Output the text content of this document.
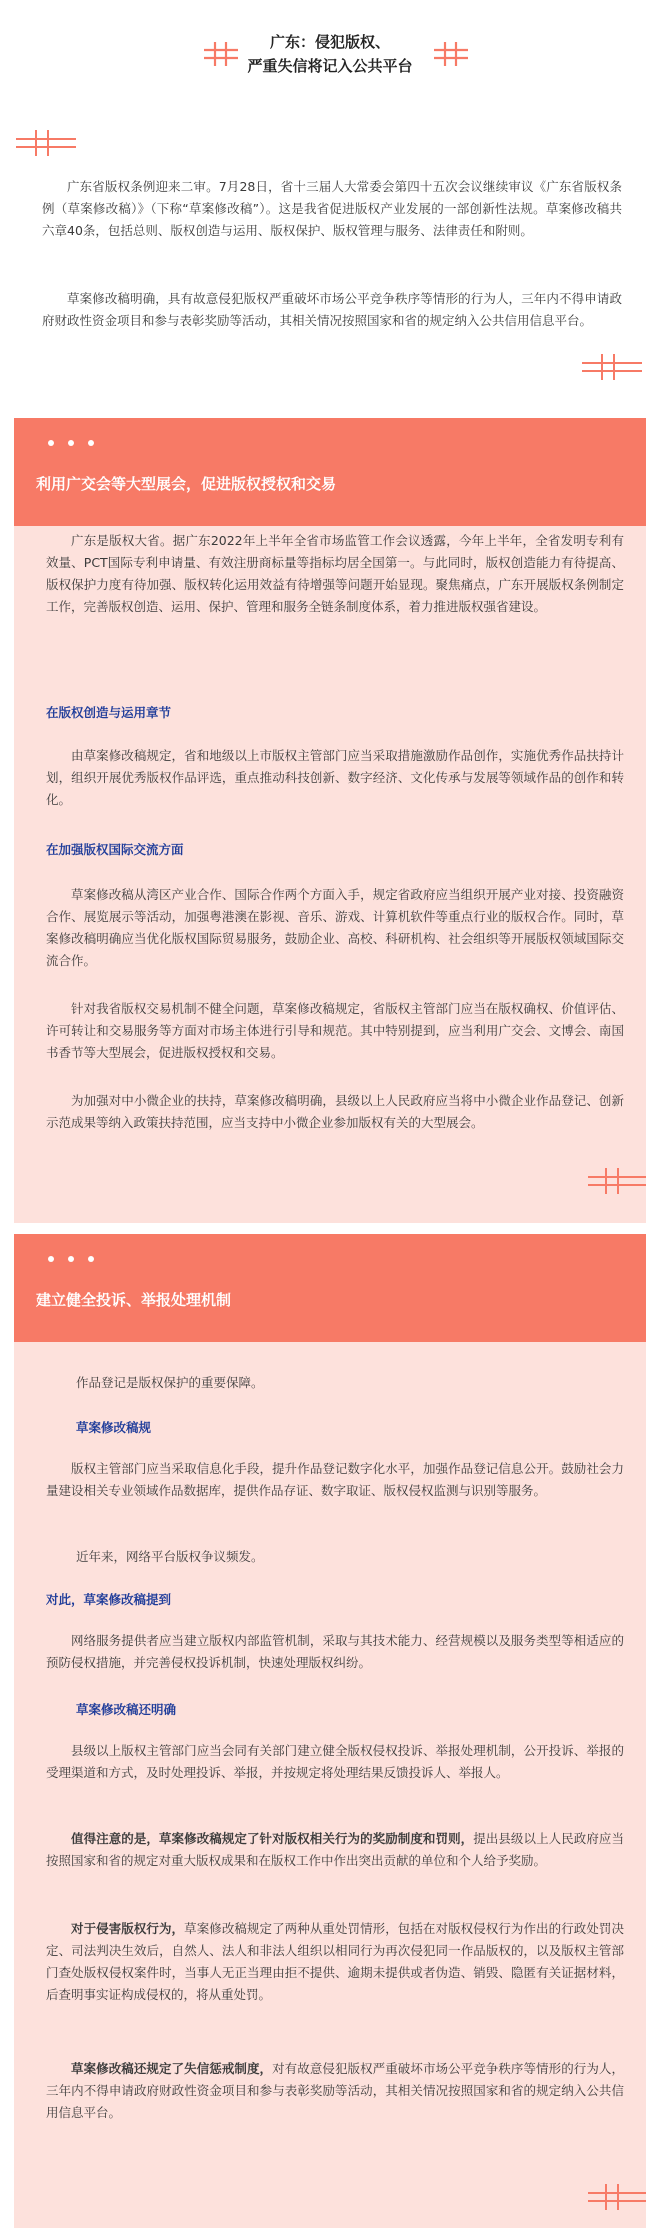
广东：侵犯版权、
严重失信将记入公共平台
广东省版权条例迎来二审。7月28日，省十三届人大常委会第四十五次会议继续审议《广东省版权条例（草案修改稿）》（下称“草案修改稿”）。这是我省促进版权产业发展的一部创新性法规。草案修改稿共六章40条，包括总则、版权创造与运用、版权保护、版权管理与服务、法律责任和附则。
草案修改稿明确，具有故意侵犯版权严重破坏市场公平竞争秩序等情形的行为人，三年内不得申请政府财政性资金项目和参与表彰奖励等活动，其相关情况按照国家和省的规定纳入公共信用信息平台。
利用广交会等大型展会，促进版权授权和交易
广东是版权大省。据广东2022年上半年全省市场监管工作会议透露，今年上半年，全省发明专利有效量、PCT国际专利申请量、有效注册商标量等指标均居全国第一。与此同时，版权创造能力有待提高、版权保护力度有待加强、版权转化运用效益有待增强等问题开始显现。聚焦痛点，广东开展版权条例制定工作，完善版权创造、运用、保护、管理和服务全链条制度体系，着力推进版权强省建设。
在版权创造与运用章节
由草案修改稿规定，省和地级以上市版权主管部门应当采取措施激励作品创作，实施优秀作品扶持计划，组织开展优秀版权作品评选，重点推动科技创新、数字经济、文化传承与发展等领域作品的创作和转化。
在加强版权国际交流方面
草案修改稿从湾区产业合作、国际合作两个方面入手，规定省政府应当组织开展产业对接、投资融资合作、展览展示等活动，加强粤港澳在影视、音乐、游戏、计算机软件等重点行业的版权合作。同时，草案修改稿明确应当优化版权国际贸易服务，鼓励企业、高校、科研机构、社会组织等开展版权领域国际交流合作。
针对我省版权交易机制不健全问题，草案修改稿规定，省版权主管部门应当在版权确权、价值评估、许可转让和交易服务等方面对市场主体进行引导和规范。其中特别提到，应当利用广交会、文博会、南国书香节等大型展会，促进版权授权和交易。
为加强对中小微企业的扶持，草案修改稿明确，县级以上人民政府应当将中小微企业作品登记、创新示范成果等纳入政策扶持范围，应当支持中小微企业参加版权有关的大型展会。
建立健全投诉、举报处理机制
作品登记是版权保护的重要保障。
草案修改稿规
版权主管部门应当采取信息化手段，提升作品登记数字化水平，加强作品登记信息公开。鼓励社会力量建设相关专业领域作品数据库，提供作品存证、数字取证、版权侵权监测与识别等服务。
近年来，网络平台版权争议频发。
对此，草案修改稿提到
网络服务提供者应当建立版权内部监管机制，采取与其技术能力、经营规模以及服务类型等相适应的预防侵权措施，并完善侵权投诉机制，快速处理版权纠纷。
草案修改稿还明确
县级以上版权主管部门应当会同有关部门建立健全版权侵权投诉、举报处理机制，公开投诉、举报的受理渠道和方式，及时处理投诉、举报，并按规定将处理结果反馈投诉人、举报人。
值得注意的是，草案修改稿规定了针对版权相关行为的奖励制度和罚则，提出县级以上人民政府应当按照国家和省的规定对重大版权成果和在版权工作中作出突出贡献的单位和个人给予奖励。
对于侵害版权行为，草案修改稿规定了两种从重处罚情形，包括在对版权侵权行为作出的行政处罚决定、司法判决生效后，自然人、法人和非法人组织以相同行为再次侵犯同一作品版权的，以及版权主管部门查处版权侵权案件时，当事人无正当理由拒不提供、逾期未提供或者伪造、销毁、隐匿有关证据材料，后查明事实证构成侵权的，将从重处罚。
草案修改稿还规定了失信惩戒制度，对有故意侵犯版权严重破坏市场公平竞争秩序等情形的行为人，三年内不得申请政府财政性资金项目和参与表彰奖励等活动，其相关情况按照国家和省的规定纳入公共信用信息平台。
